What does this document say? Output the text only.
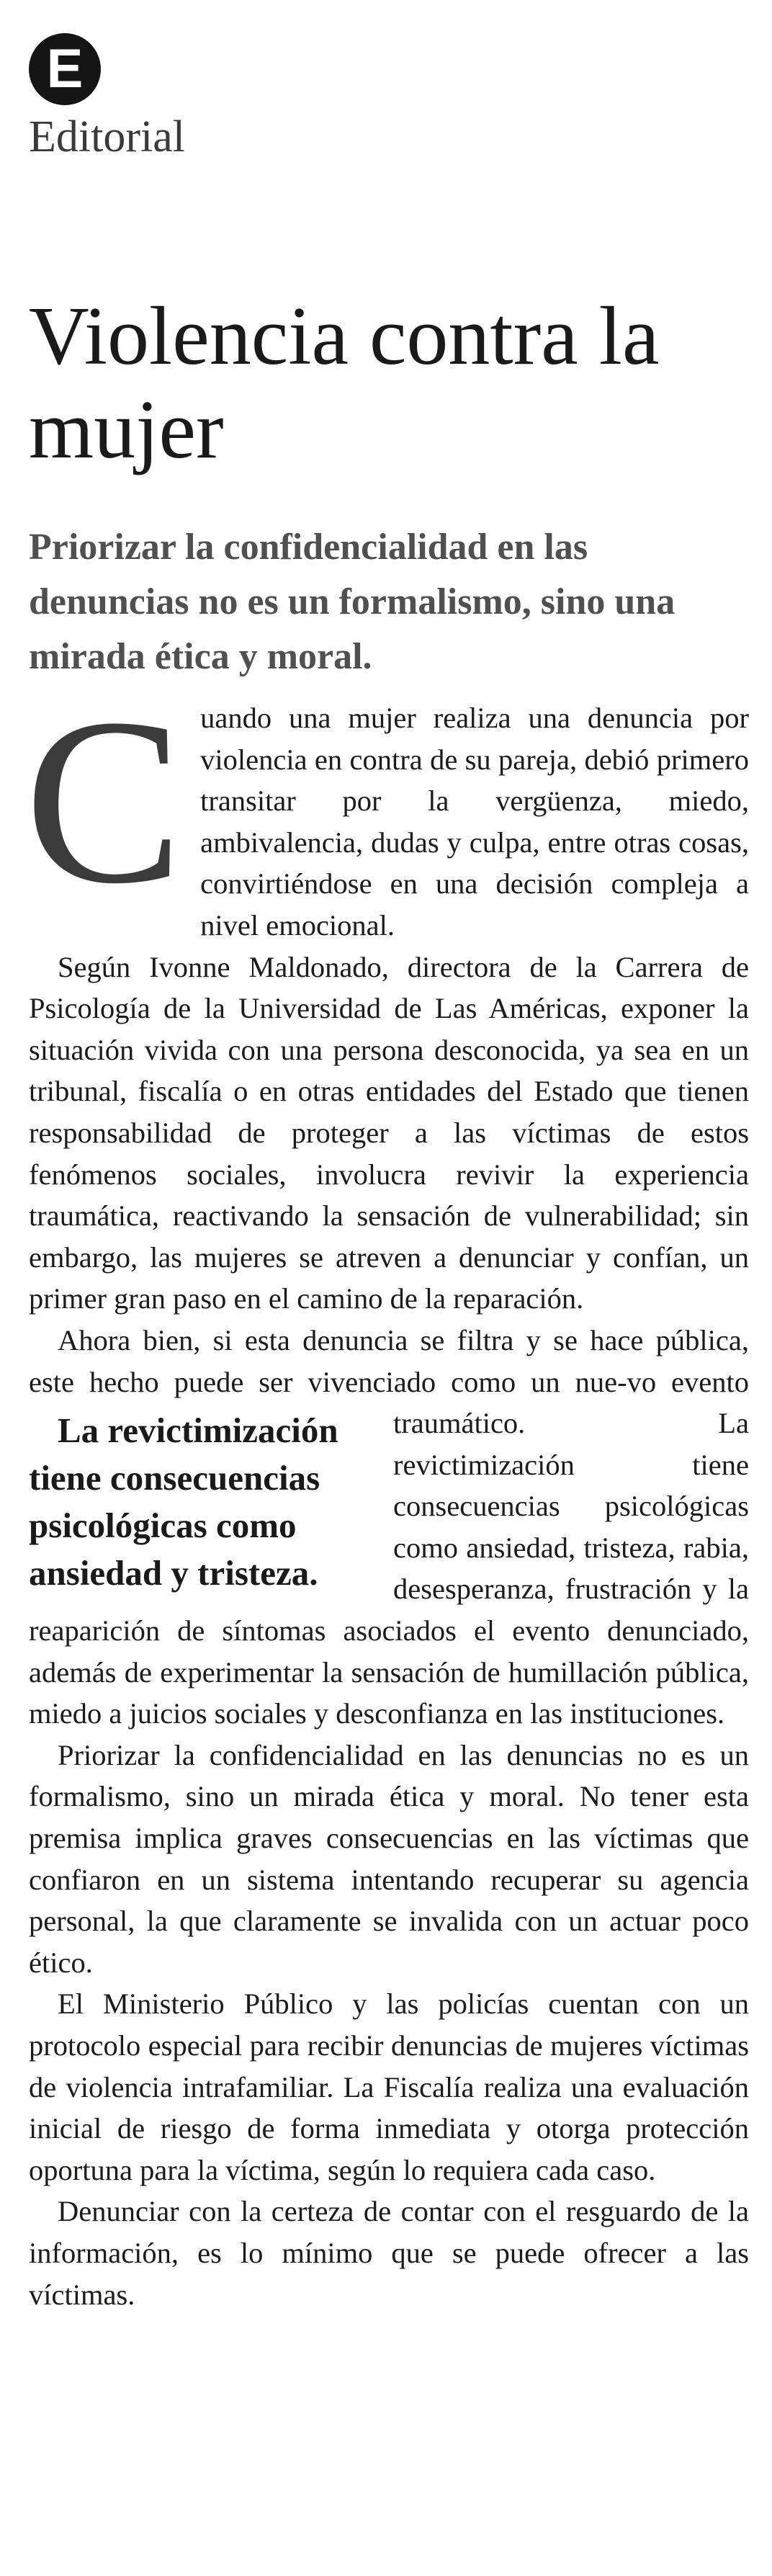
E
Editorial
Violencia contra la mujer

Priorizar la confidencialidad en las denuncias no es un formalismo, sino una mirada ética y moral.

Cuando una mujer realiza una denuncia por violencia en contra de su pareja, debió primero transitar por la vergüenza, miedo, ambivalencia, dudas y culpa, entre otras cosas, convirtiéndose en una decisión compleja a nivel emocional.

Según Ivonne Maldonado, directora de la Carrera de Psicología de la Universidad de Las Américas, exponer la situación vivida con una persona desconocida, ya sea en un tribunal, fiscalía o en otras entidades del Estado que tienen responsabilidad de proteger a las víctimas de estos fenómenos sociales, involucra revivir la experiencia traumática, reactivando la sensación de vulnerabilidad; sin embargo, las mujeres se atreven a denunciar y confían, un primer gran paso en el camino de la reparación.

Ahora bien, si esta denuncia se filtra y se hace pública, este hecho puede ser vivenciado como un nue-
La revictimización tiene consecuencias psicológicas como ansiedad y tristeza.
vo evento traumático. La revictimización tiene consecuencias psicológicas como ansiedad, tristeza, rabia, desesperanza, frustración y la reaparición de síntomas asociados el evento denunciado, además de experimentar la sensación de humillación pública, miedo a juicios sociales y desconfianza en las instituciones.

Priorizar la confidencialidad en las denuncias no es un formalismo, sino un mirada ética y moral. No tener esta premisa implica graves consecuencias en las víctimas que confiaron en un sistema intentando recuperar su agencia personal, la que claramente se invalida con un actuar poco ético.

El Ministerio Público y las policías cuentan con un protocolo especial para recibir denuncias de mujeres víctimas de violencia intrafamiliar. La Fiscalía realiza una evaluación inicial de riesgo de forma inmediata y otorga protección oportuna para la víctima, según lo requiera cada caso.

Denunciar con la certeza de contar con el resguardo de la información, es lo mínimo que se puede ofrecer a las víctimas.
